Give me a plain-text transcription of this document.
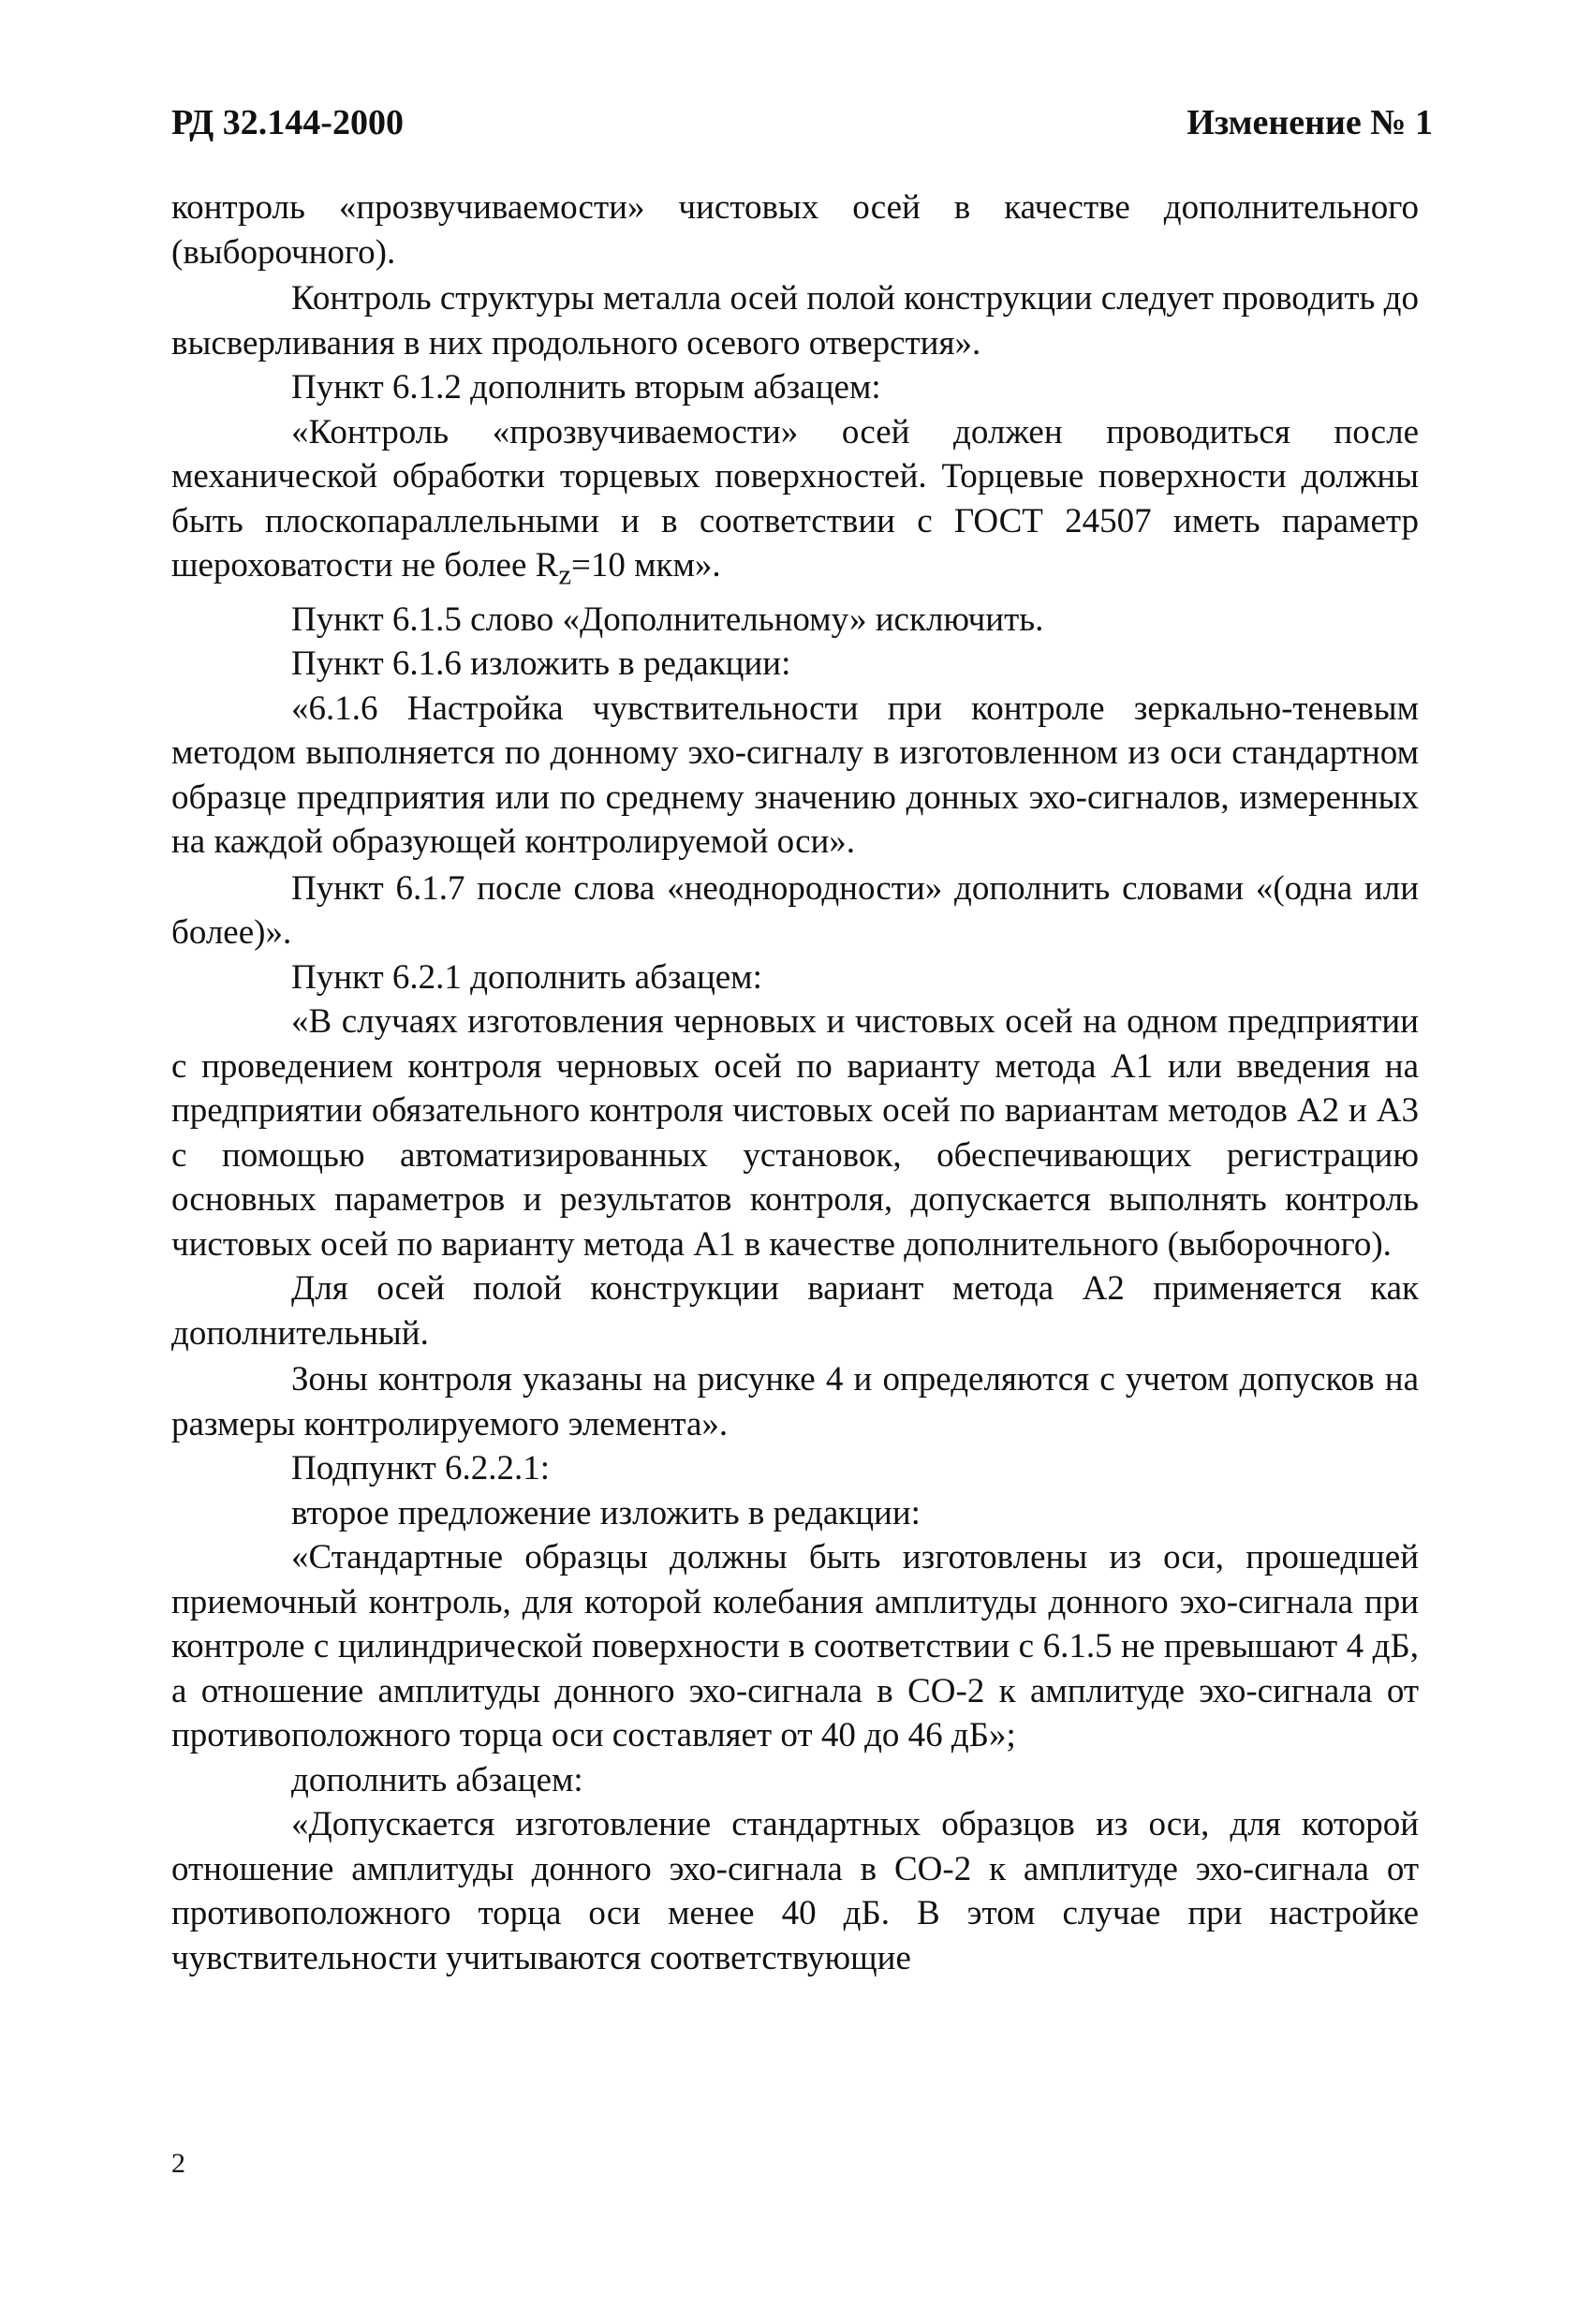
РД 32.144-2000	Изменение № 1

контроль «прозвучиваемости» чистовых осей в качестве дополнительного (выборочного).

Контроль структуры металла осей полой конструкции следует проводить до высверливания в них продольного осевого отверстия».

Пункт 6.1.2 дополнить вторым абзацем:

«Контроль «прозвучиваемости» осей должен проводиться после механической обработки торцевых поверхностей. Торцевые поверхности должны быть плоскопараллельными и в соответствии с ГОСТ 24507 иметь параметр шероховатости не более $R_z=10$ мкм».

Пункт 6.1.5 слово «Дополнительному» исключить.

Пункт 6.1.6 изложить в редакции:

«6.1.6 Настройка чувствительности при контроле зеркально-теневым методом выполняется по донному эхо-сигналу в изготовленном из оси стандартном образце предприятия или по среднему значению донных эхо-сигналов, измеренных на каждой образующей контролируемой оси».

Пункт 6.1.7 после слова «неоднородности» дополнить словами «(одна или более)».

Пункт 6.2.1 дополнить абзацем:

«В случаях изготовления черновых и чистовых осей на одном предприятии с проведением контроля черновых осей по варианту метода А1 или введения на предприятии обязательного контроля чистовых осей по вариантам методов А2 и А3 с помощью автоматизированных установок, обеспечивающих регистрацию основных параметров и результатов контроля, допускается выполнять контроль чистовых осей по варианту метода А1 в качестве дополнительного (выборочного).

Для осей полой конструкции вариант метода А2 применяется как дополнительный.

Зоны контроля указаны на рисунке 4 и определяются с учетом допусков на размеры контролируемого элемента».

Подпункт 6.2.2.1:

второе предложение изложить в редакции:

«Стандартные образцы должны быть изготовлены из оси, прошедшей приемочный контроль, для которой колебания амплитуды донного эхо-сигнала при контроле с цилиндрической поверхности в соответствии с 6.1.5 не превышают 4 дБ, а отношение амплитуды донного эхо-сигнала в СО-2 к амплитуде эхо-сигнала от противоположного торца оси составляет от 40 до 46 дБ»;

дополнить абзацем:

«Допускается изготовление стандартных образцов из оси, для которой отношение амплитуды донного эхо-сигнала в СО-2 к амплитуде эхо-сигнала от противоположного торца оси менее 40 дБ. В этом случае при настройке чувствительности учитываются соответствующие

2
